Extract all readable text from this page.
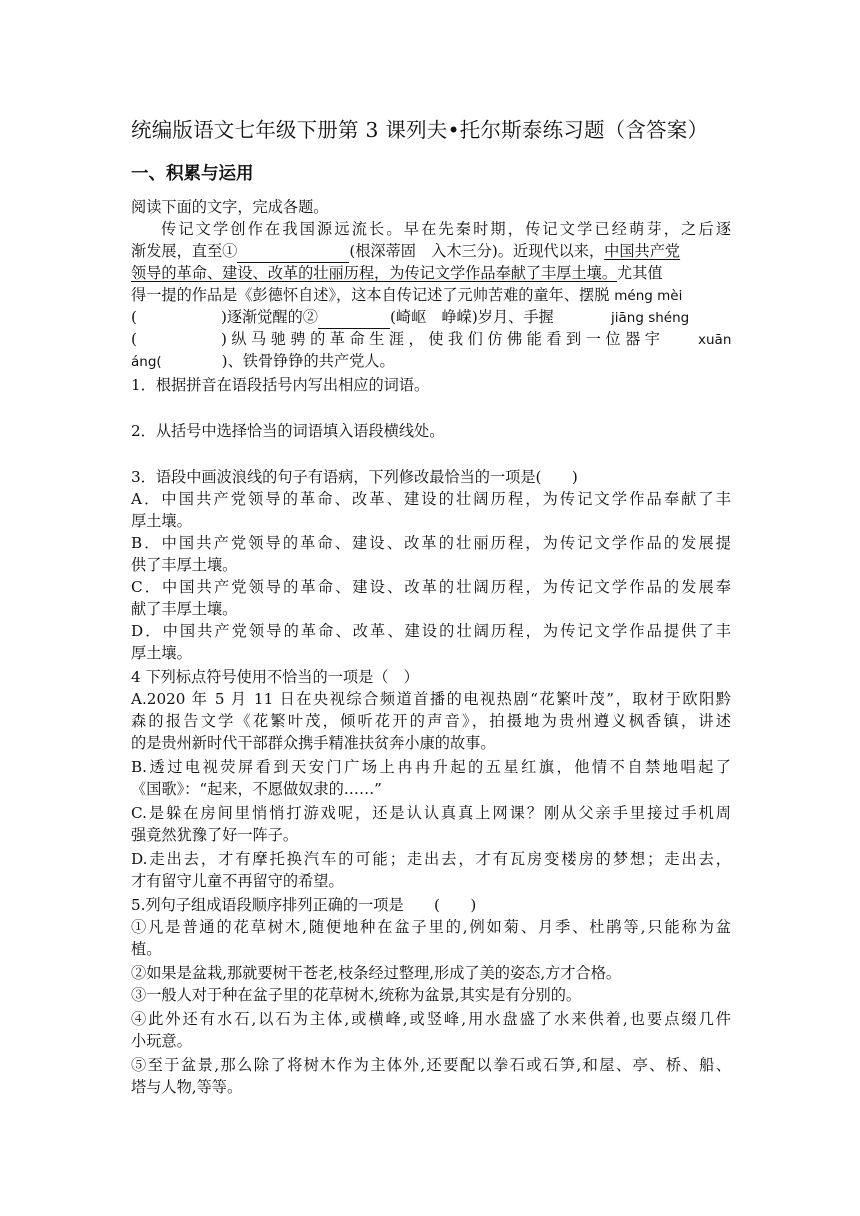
统编版语文七年级下册第 3 课列夫•托尔斯泰练习题（含答案）
一、积累与运用
阅读下面的文字，完成各题。
传记文学创作在我国源远流长。早在先秦时期，传记文学已经萌芽，之后逐
渐发展，直至①	(根深蒂固　入木三分)。近现代以来，中国共产党
领导的革命、建设、改革的壮丽历程，为传记文学作品奉献了丰厚土壤。尤其值
得一提的作品是《彭德怀自述》，这本自传记述了元帅苦难的童年、摆脱 méng mèi
(	)逐渐觉醒的②	(崎岖　峥嵘)岁月、手握	jiāng shéng
(	)纵马驰骋的革命生涯，使我们仿佛能看到一位器宇 xuān
áng(	)、铁骨铮铮的共产党人。
1．根据拼音在语段括号内写出相应的词语。
2．从括号中选择恰当的词语填入语段横线处。
3．语段中画波浪线的句子有语病，下列修改最恰当的一项是(　　)
A．中国共产党领导的革命、改革、建设的壮阔历程，为传记文学作品奉献了丰
厚土壤。
B．中国共产党领导的革命、建设、改革的壮丽历程，为传记文学作品的发展提
供了丰厚土壤。
C．中国共产党领导的革命、建设、改革的壮阔历程，为传记文学作品的发展奉
献了丰厚土壤。
D．中国共产党领导的革命、改革、建设的壮阔历程，为传记文学作品提供了丰
厚土壤。
4 下列标点符号使用不恰当的一项是（　）
A.2020 年 5 月 11 日在央视综合频道首播的电视热剧“花繁叶茂”，取材于欧阳黔
森的报告文学《花繁叶茂，倾听花开的声音》，拍摄地为贵州遵义枫香镇，讲述
的是贵州新时代干部群众携手精准扶贫奔小康的故事。
B.透过电视荧屏看到天安门广场上冉冉升起的五星红旗，他情不自禁地唱起了
《国歌》：“起来，不愿做奴隶的……”
C.是躲在房间里悄悄打游戏呢，还是认认真真上网课？刚从父亲手里接过手机周
强竟然犹豫了好一阵子。
D.走出去，才有摩托换汽车的可能；走出去，才有瓦房变楼房的梦想；走出去，
才有留守儿童不再留守的希望。
5.列句子组成语段顺序排列正确的一项是　　(　　)
①凡是普通的花草树木,随便地种在盆子里的,例如菊、月季、杜鹃等,只能称为盆
植。
②如果是盆栽,那就要树干苍老,枝条经过整理,形成了美的姿态,方才合格。
③一般人对于种在盆子里的花草树木,统称为盆景,其实是有分别的。
④此外还有水石,以石为主体,或横峰,或竖峰,用水盘盛了水来供着,也要点缀几件
小玩意。
⑤至于盆景,那么除了将树木作为主体外,还要配以拳石或石笋,和屋、亭、桥、船、
塔与人物,等等。
